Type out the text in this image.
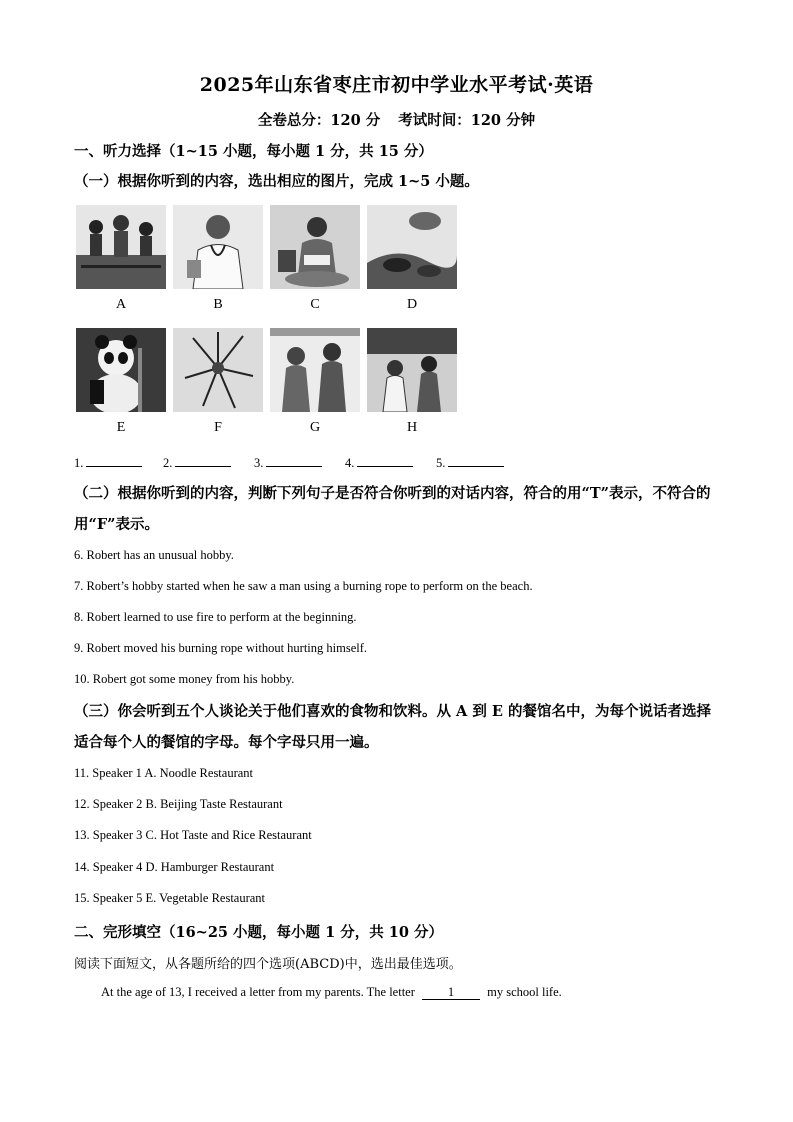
2025年山东省枣庄市初中学业水平考试·英语
全卷总分：120 分 考试时间：120 分钟
一、听力选择（1~15 小题，每小题 1 分，共 15 分）
（一）根据你听到的内容，选出相应的图片，完成 1~5 小题。
A	B	C	D
E	F	G	H
1.	2.	3.	4.	5.
（二）根据你听到的内容，判断下列句子是否符合你听到的对话内容，符合的用“T”表示，不符合的用“F”表示。
6. Robert has an unusual hobby.
7. Robert’s hobby started when he saw a man using a burning rope to perform on the beach.
8. Robert learned to use fire to perform at the beginning.
9. Robert moved his burning rope without hurting himself.
10. Robert got some money from his hobby.
（三）你会听到五个人谈论关于他们喜欢的食物和饮料。从 A 到 E 的餐馆名中，为每个说话者选择适合每个人的餐馆的字母。每个字母只用一遍。
11. Speaker 1 A. Noodle Restaurant
12. Speaker 2 B. Beijing Taste Restaurant
13. Speaker 3 C. Hot Taste and Rice Restaurant
14. Speaker 4 D. Hamburger Restaurant
15. Speaker 5 E. Vegetable Restaurant
二、完形填空（16~25 小题，每小题 1 分，共 10 分）
阅读下面短文，从各题所给的四个选项(ABCD)中，选出最佳选项。
At the age of 13, I received a letter from my parents. The letter 1 my school life.
